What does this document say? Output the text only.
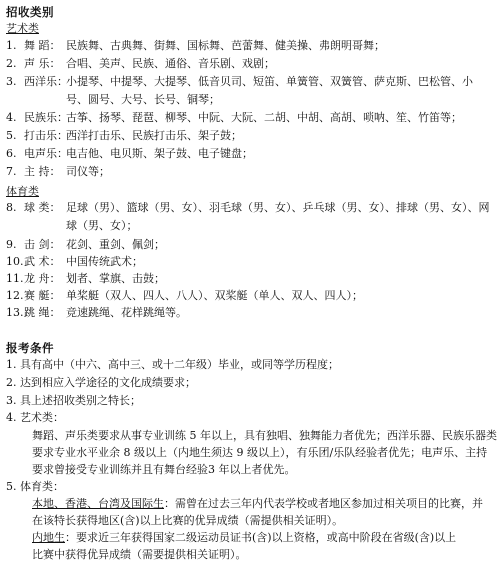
招收类别
艺术类
1. 舞 蹈： 民族舞、古典舞、街舞、国标舞、芭蕾舞、健美操、弗朗明哥舞；
2. 声 乐： 合唱、美声、民族、通俗、音乐剧、戏剧；
3. 西洋乐：
小提琴、中提琴、大提琴、低音贝司、短笛、单簧管、双簧管、萨克斯、巴松管、小
号、圆号、大号、长号、铜琴；
4. 民族乐：
古筝、扬琴、琵琶、柳琴、中阮、大阮、二胡、中胡、高胡、唢呐、笙、竹笛等；
5. 打击乐：
西洋打击乐、民族打击乐、架子鼓；
6. 电声乐：
电吉他、电贝斯、架子鼓、电子键盘；
7. 主 持： 司仪等；
体育类
8. 球 类： 足球（男）、篮球（男、女）、羽毛球（男、女）、乒乓球（男、女）、排球（男、女）、网
球（男、女）；
9. 击 剑： 花剑、重剑、佩剑；
10. 武 术： 中国传统武术；
11. 龙 舟： 划者、掌旗、击鼓；
12. 赛 艇： 单桨艇（双人、四人、八人）、双桨艇（单人、双人、四人）；
13. 跳 绳： 竞速跳绳、花样跳绳等。
报考条件
1. 具有高中（中六、高中三、或十二年级）毕业，或同等学历程度；
2. 达到相应入学途径的文化成绩要求；
3. 具上述招收类别之特长；
4. 艺术类：
舞蹈、声乐类要求从事专业训练 5 年以上，具有独唱、独舞能力者优先；西洋乐器、民族乐器类
要求专业水平业余 8 级以上（内地生须达 9 级以上），有乐团/乐队经验者优先；电声乐、主持
要求曾接受专业训练并且有舞台经验3 年以上者优先。
5. 体育类：
本地、香港、台湾及国际生：需曾在过去三年内代表学校或者地区参加过相关项目的比赛，并
在该特长获得地区(含)以上比赛的优异成绩（需提供相关证明）。
内地生：要求近三年获得国家二级运动员证书(含)以上资格，或高中阶段在省级(含)以上
比赛中获得优异成绩（需要提供相关证明）。
